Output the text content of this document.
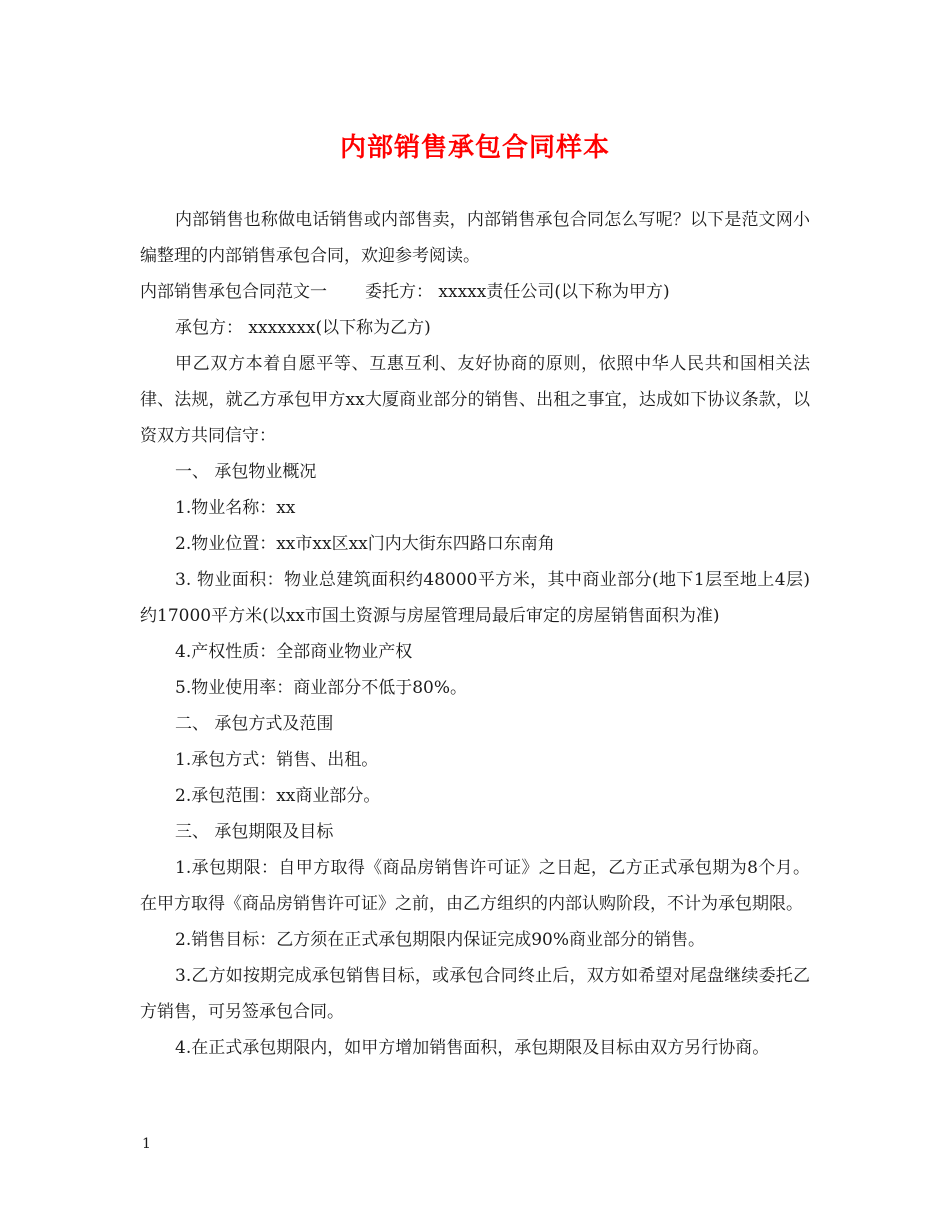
内部销售承包合同样本

内部销售也称做电话销售或内部售卖，内部销售承包合同怎么写呢？以下是范文网小编整理的内部销售承包合同，欢迎参考阅读。

内部销售承包合同范文一 委托方： xxxxx责任公司(以下称为甲方)

承包方： xxxxxxx(以下称为乙方)

甲乙双方本着自愿平等、互惠互利、友好协商的原则，依照中华人民共和国相关法律、法规，就乙方承包甲方xx大厦商业部分的销售、出租之事宜，达成如下协议条款，以资双方共同信守：

一、 承包物业概况

1.物业名称：xx

2.物业位置：xx市xx区xx门内大街东四路口东南角

3. 物业面积：物业总建筑面积约48000平方米，其中商业部分(地下1层至地上4层)约17000平方米(以xx市国土资源与房屋管理局最后审定的房屋销售面积为准)

4.产权性质：全部商业物业产权

5.物业使用率：商业部分不低于80%。

二、 承包方式及范围

1.承包方式：销售、出租。

2.承包范围：xx商业部分。

三、 承包期限及目标

1.承包期限：自甲方取得《商品房销售许可证》之日起，乙方正式承包期为8个月。在甲方取得《商品房销售许可证》之前，由乙方组织的内部认购阶段，不计为承包期限。

2.销售目标：乙方须在正式承包期限内保证完成90%商业部分的销售。

3.乙方如按期完成承包销售目标，或承包合同终止后，双方如希望对尾盘继续委托乙方销售，可另签承包合同。

4.在正式承包期限内，如甲方增加销售面积，承包期限及目标由双方另行协商。

1
